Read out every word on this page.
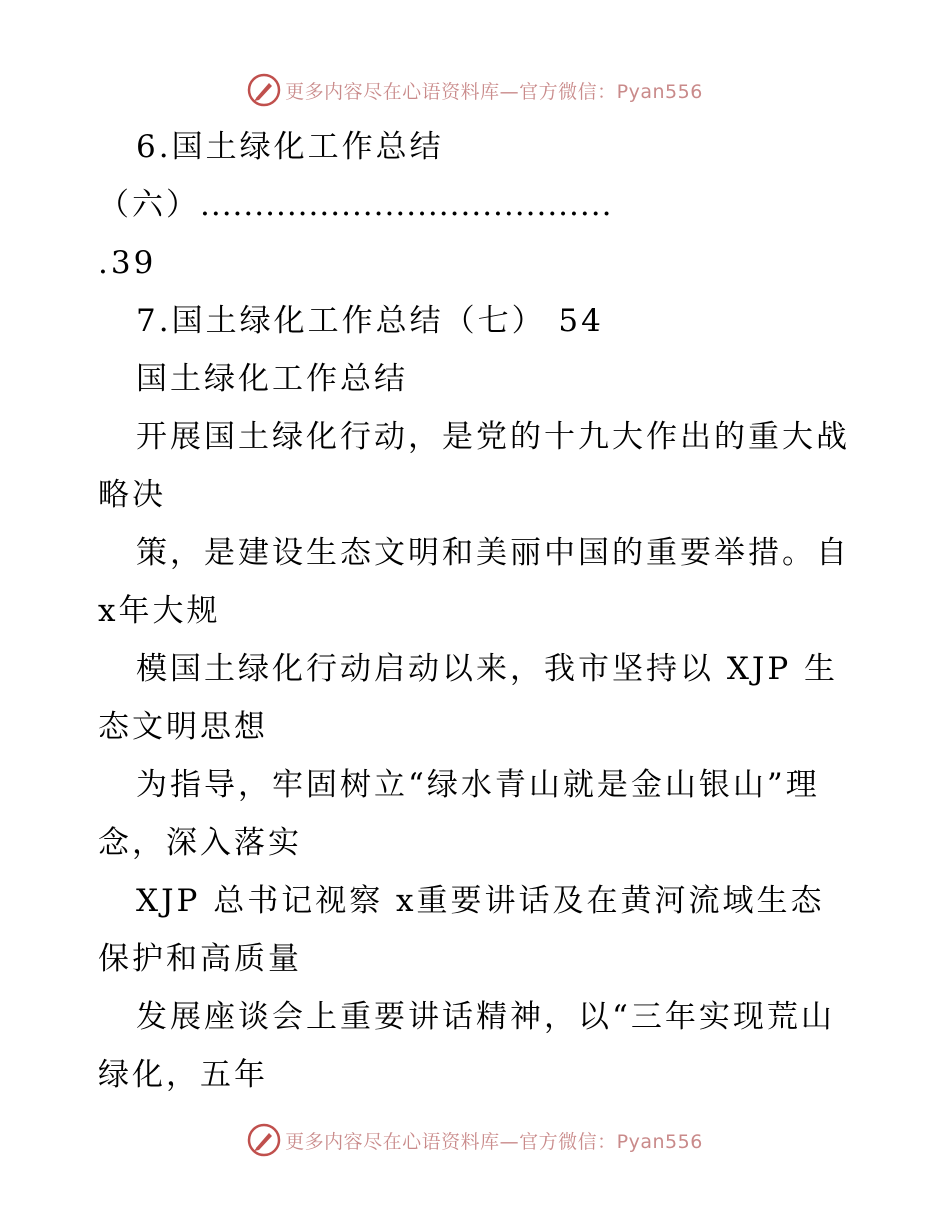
更多内容尽在心语资料库—官方微信：Pyan556
6.国土绿化工作总结
（六）......................................
.39
7.国土绿化工作总结（七） 54
国土绿化工作总结
开展国土绿化行动，是党的十九大作出的重大战
略决
策，是建设生态文明和美丽中国的重要举措。自
x年大规
模国土绿化行动启动以来，我市坚持以 XJP 生
态文明思想
为指导，牢固树立“绿水青山就是金山银山”理
念，深入落实
XJP 总书记视察 x重要讲话及在黄河流域生态
保护和高质量
发展座谈会上重要讲话精神，以“三年实现荒山
绿化，五年
更多内容尽在心语资料库—官方微信：Pyan556
